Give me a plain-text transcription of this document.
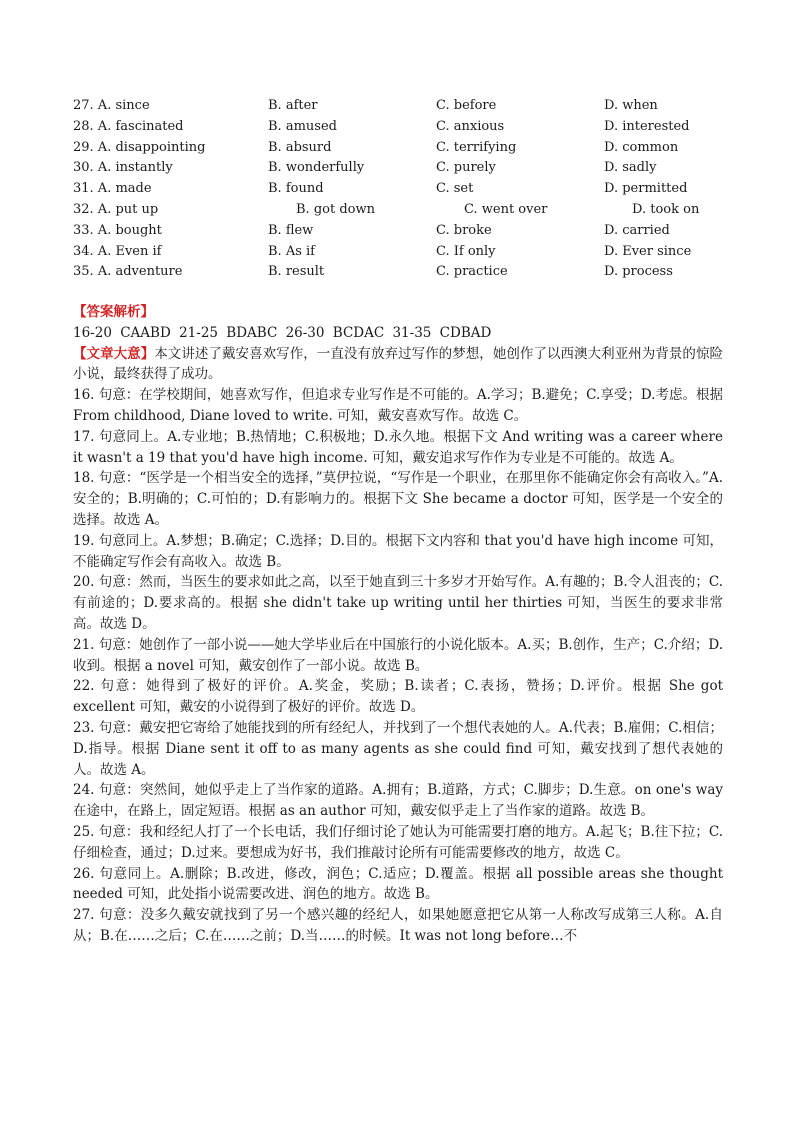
27. A. since	B. after	C. before	D. when
28. A. fascinated	B. amused	C. anxious	D. interested
29. A. disappointing	B. absurd	C. terrifying	D. common
30. A. instantly	B. wonderfully	C. purely	D. sadly
31. A. made	B. found	C. set	D. permitted
32. A. put up	B. got down	C. went over	D. took on
33. A. bought	B. flew	C. broke	D. carried
34. A. Even if	B. As if	C. If only	D. Ever since
35. A. adventure	B. result	C. practice	D. process

【答案解析】

16-20 CAABD 21-25 BDABC 26-30 BCDAC 31-35 CDBAD

【文章大意】本文讲述了戴安喜欢写作，一直没有放弃过写作的梦想，她创作了以西澳大利亚州为背景的惊险小说，最终获得了成功。

16. 句意：在学校期间，她喜欢写作，但追求专业写作是不可能的。A.学习；B.避免；C.享受；D.考虑。根据 From childhood, Diane loved to write. 可知，戴安喜欢写作。故选 C。

17. 句意同上。A.专业地；B.热情地；C.积极地；D.永久地。根据下文 And writing was a career where it wasn't a 19 that you'd have high income. 可知，戴安追求写作作为专业是不可能的。故选 A。

18. 句意：“医学是一个相当安全的选择，”莫伊拉说，“写作是一个职业，在那里你不能确定你会有高收入。”A.安全的；B.明确的；C.可怕的；D.有影响力的。根据下文 She became a doctor 可知，医学是一个安全的选择。故选 A。

19. 句意同上。A.梦想；B.确定；C.选择；D.目的。根据下文内容和 that you'd have high income 可知，不能确定写作会有高收入。故选 B。

20. 句意：然而，当医生的要求如此之高，以至于她直到三十多岁才开始写作。A.有趣的；B.令人沮丧的；C.有前途的；D.要求高的。根据 she didn't take up writing until her thirties 可知，当医生的要求非常高。故选 D。

21. 句意：她创作了一部小说——她大学毕业后在中国旅行的小说化版本。A.买；B.创作，生产；C.介绍；D.收到。根据 a novel 可知，戴安创作了一部小说。故选 B。

22. 句意：她得到了极好的评价。A.奖金，奖励；B.读者；C.表扬，赞扬；D.评价。根据 She got excellent 可知，戴安的小说得到了极好的评价。故选 D。

23. 句意：戴安把它寄给了她能找到的所有经纪人，并找到了一个想代表她的人。A.代表；B.雇佣；C.相信；D.指导。根据 Diane sent it off to as many agents as she could find 可知，戴安找到了想代表她的人。故选 A。

24. 句意：突然间，她似乎走上了当作家的道路。A.拥有；B.道路，方式；C.脚步；D.生意。on one's way 在途中，在路上，固定短语。根据 as an author 可知，戴安似乎走上了当作家的道路。故选 B。

25. 句意：我和经纪人打了一个长电话，我们仔细讨论了她认为可能需要打磨的地方。A.起飞；B.往下拉；C.仔细检查，通过；D.过来。要想成为好书，我们推敲讨论所有可能需要修改的地方，故选 C。

26. 句意同上。A.删除；B.改进，修改，润色；C.适应；D.覆盖。根据 all possible areas she thought needed 可知，此处指小说需要改进、润色的地方。故选 B。

27. 句意：没多久戴安就找到了另一个感兴趣的经纪人，如果她愿意把它从第一人称改写成第三人称。A.自从；B.在……之后；C.在……之前；D.当……的时候。It was not long before…不
